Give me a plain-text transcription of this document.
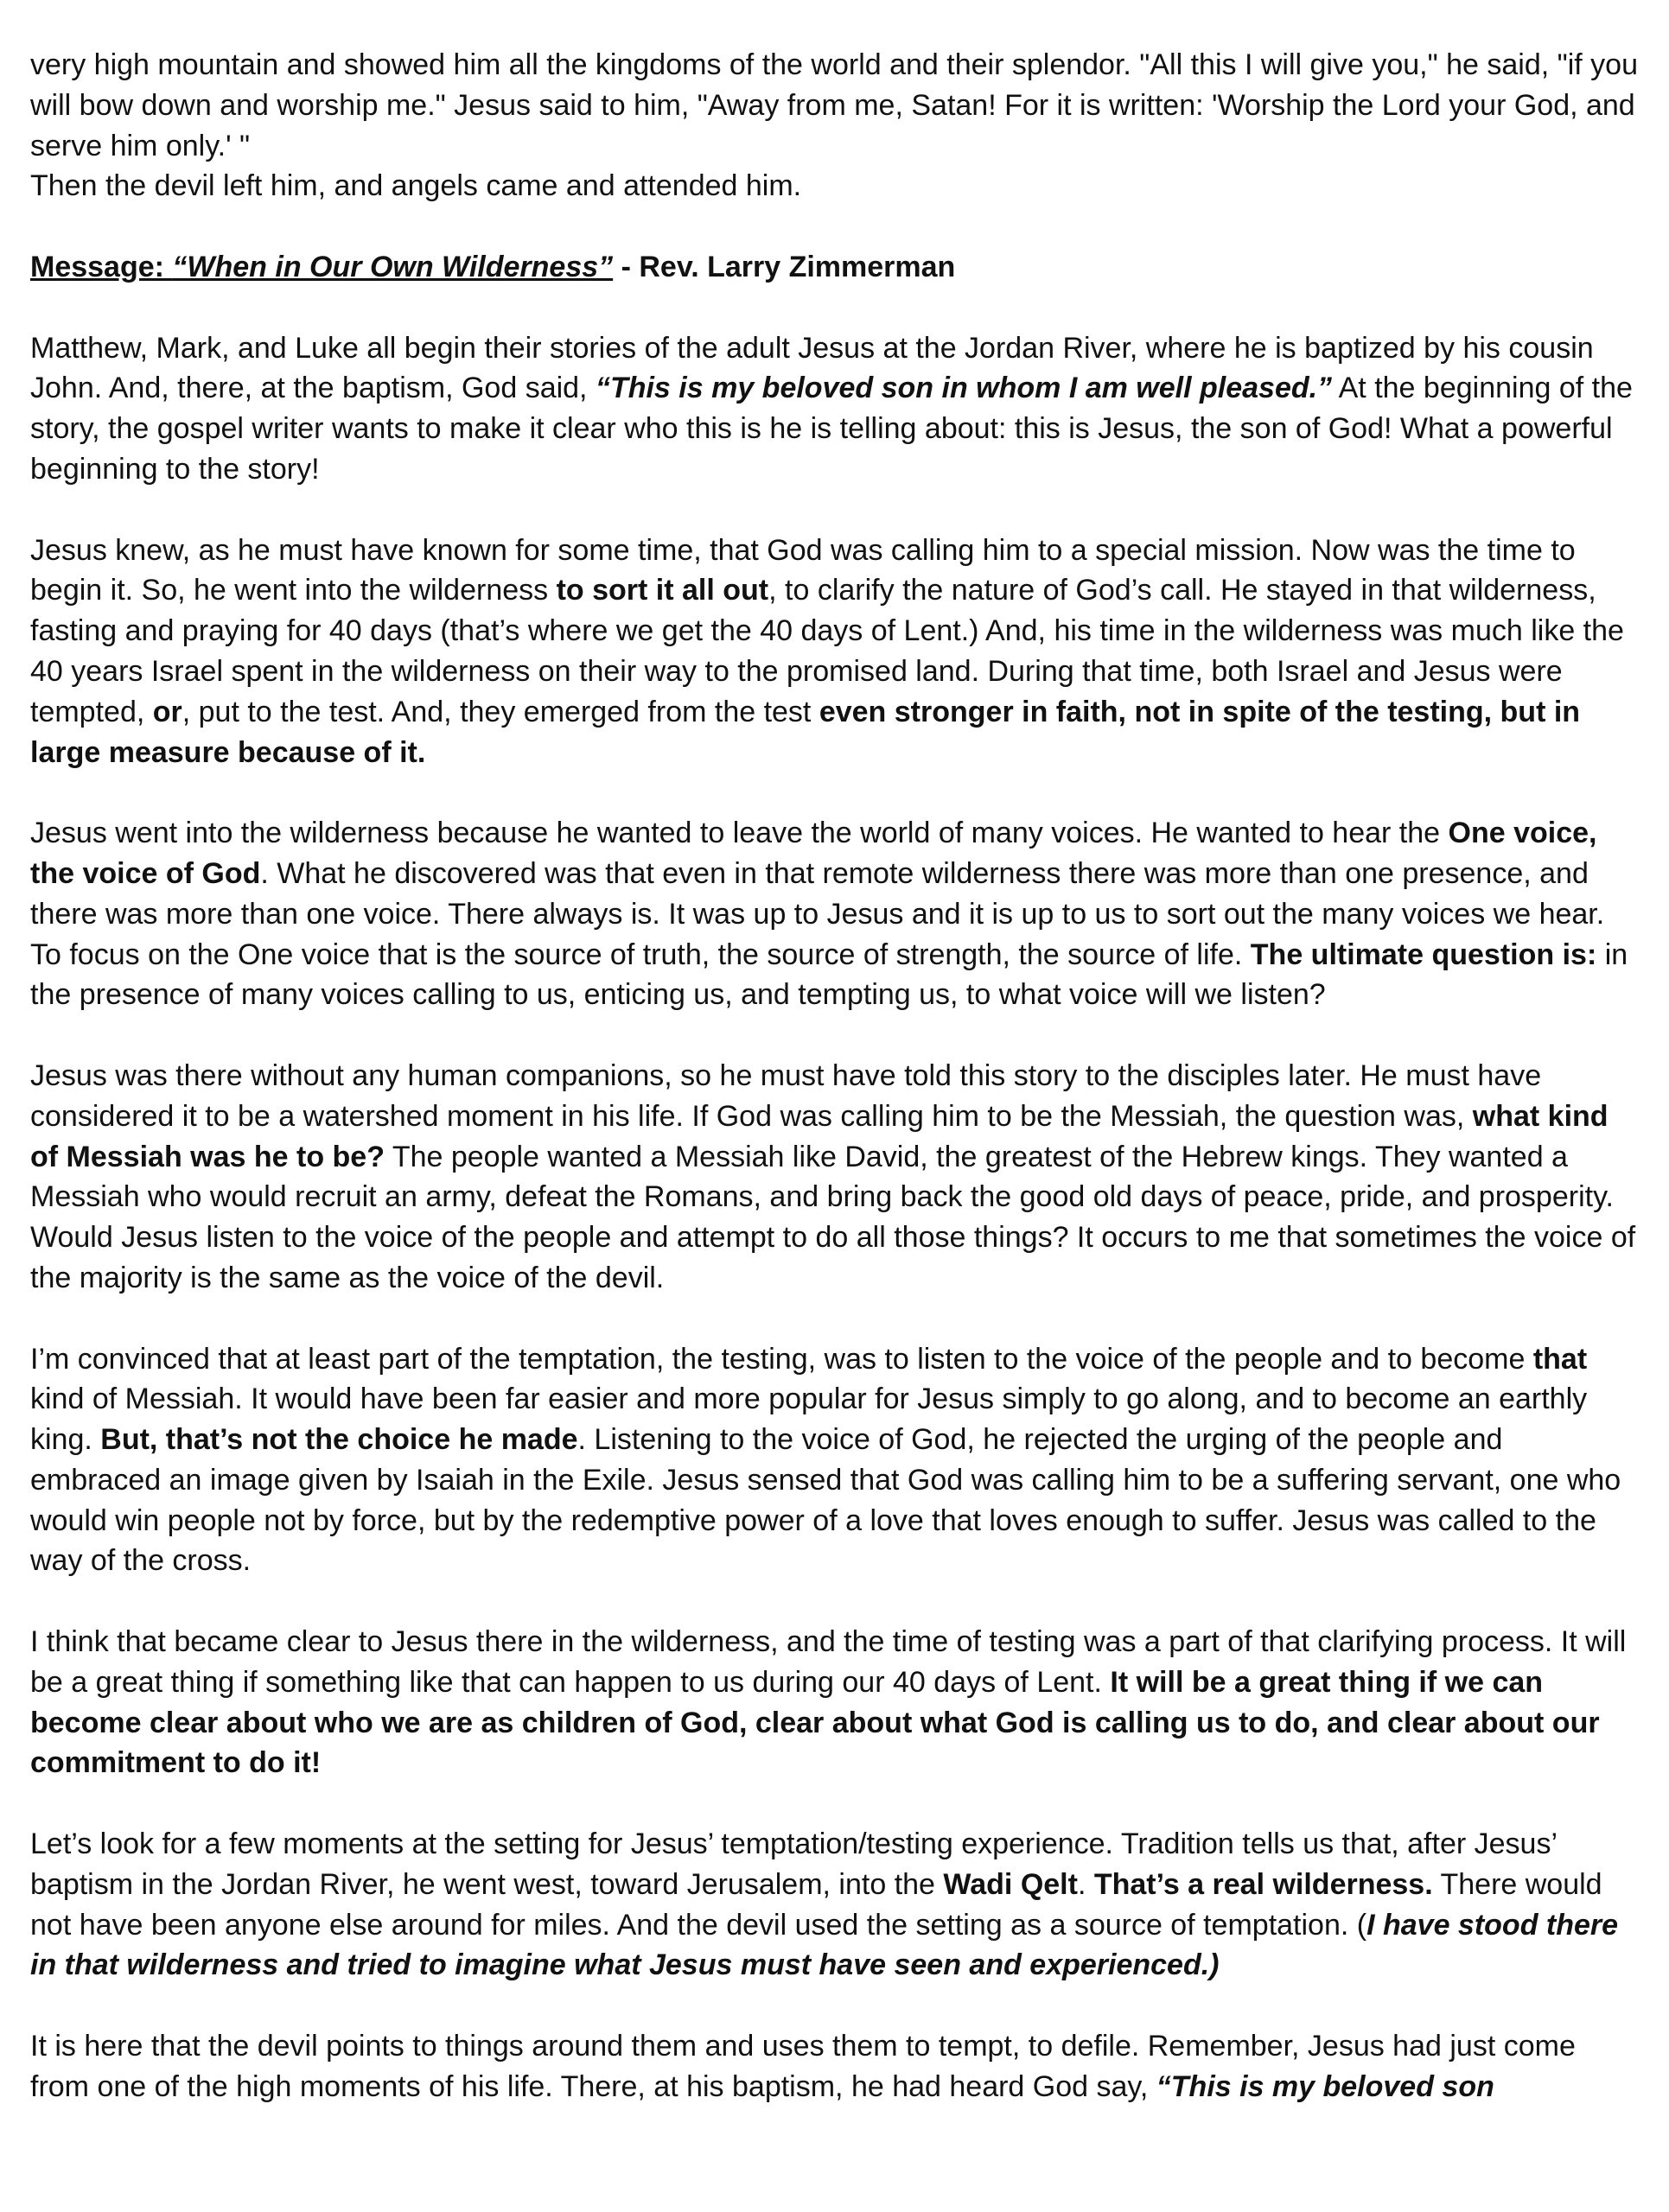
very high mountain and showed him all the kingdoms of the world and their splendor. "All this I will give you," he said, "if you will bow down and worship me." Jesus said to him, "Away from me, Satan! For it is written: 'Worship the Lord your God, and serve him only.' "

Then the devil left him, and angels came and attended him.

Message: “When in Our Own Wilderness” - Rev. Larry Zimmerman

Matthew, Mark, and Luke all begin their stories of the adult Jesus at the Jordan River, where he is baptized by his cousin John. And, there, at the baptism, God said, “This is my beloved son in whom I am well pleased.” At the beginning of the story, the gospel writer wants to make it clear who this is he is telling about: this is Jesus, the son of God! What a powerful beginning to the story!

Jesus knew, as he must have known for some time, that God was calling him to a special mission. Now was the time to begin it. So, he went into the wilderness to sort it all out, to clarify the nature of God’s call. He stayed in that wilderness, fasting and praying for 40 days (that’s where we get the 40 days of Lent.) And, his time in the wilderness was much like the 40 years Israel spent in the wilderness on their way to the promised land. During that time, both Israel and Jesus were tempted, or, put to the test. And, they emerged from the test even stronger in faith, not in spite of the testing, but in large measure because of it.

Jesus went into the wilderness because he wanted to leave the world of many voices. He wanted to hear the One voice, the voice of God. What he discovered was that even in that remote wilderness there was more than one presence, and there was more than one voice. There always is. It was up to Jesus and it is up to us to sort out the many voices we hear. To focus on the One voice that is the source of truth, the source of strength, the source of life. The ultimate question is: in the presence of many voices calling to us, enticing us, and tempting us, to what voice will we listen?

Jesus was there without any human companions, so he must have told this story to the disciples later. He must have considered it to be a watershed moment in his life. If God was calling him to be the Messiah, the question was, what kind of Messiah was he to be? The people wanted a Messiah like David, the greatest of the Hebrew kings. They wanted a Messiah who would recruit an army, defeat the Romans, and bring back the good old days of peace, pride, and prosperity. Would Jesus listen to the voice of the people and attempt to do all those things? It occurs to me that sometimes the voice of the majority is the same as the voice of the devil.

I’m convinced that at least part of the temptation, the testing, was to listen to the voice of the people and to become that kind of Messiah. It would have been far easier and more popular for Jesus simply to go along, and to become an earthly king. But, that’s not the choice he made. Listening to the voice of God, he rejected the urging of the people and embraced an image given by Isaiah in the Exile. Jesus sensed that God was calling him to be a suffering servant, one who would win people not by force, but by the redemptive power of a love that loves enough to suffer. Jesus was called to the way of the cross.

I think that became clear to Jesus there in the wilderness, and the time of testing was a part of that clarifying process. It will be a great thing if something like that can happen to us during our 40 days of Lent. It will be a great thing if we can become clear about who we are as children of God, clear about what God is calling us to do, and clear about our commitment to do it!

Let’s look for a few moments at the setting for Jesus’ temptation/testing experience. Tradition tells us that, after Jesus’ baptism in the Jordan River, he went west, toward Jerusalem, into the Wadi Qelt. That’s a real wilderness. There would not have been anyone else around for miles. And the devil used the setting as a source of temptation. (I have stood there in that wilderness and tried to imagine what Jesus must have seen and experienced.)

It is here that the devil points to things around them and uses them to tempt, to defile. Remember, Jesus had just come from one of the high moments of his life. There, at his baptism, he had heard God say, “This is my beloved son
